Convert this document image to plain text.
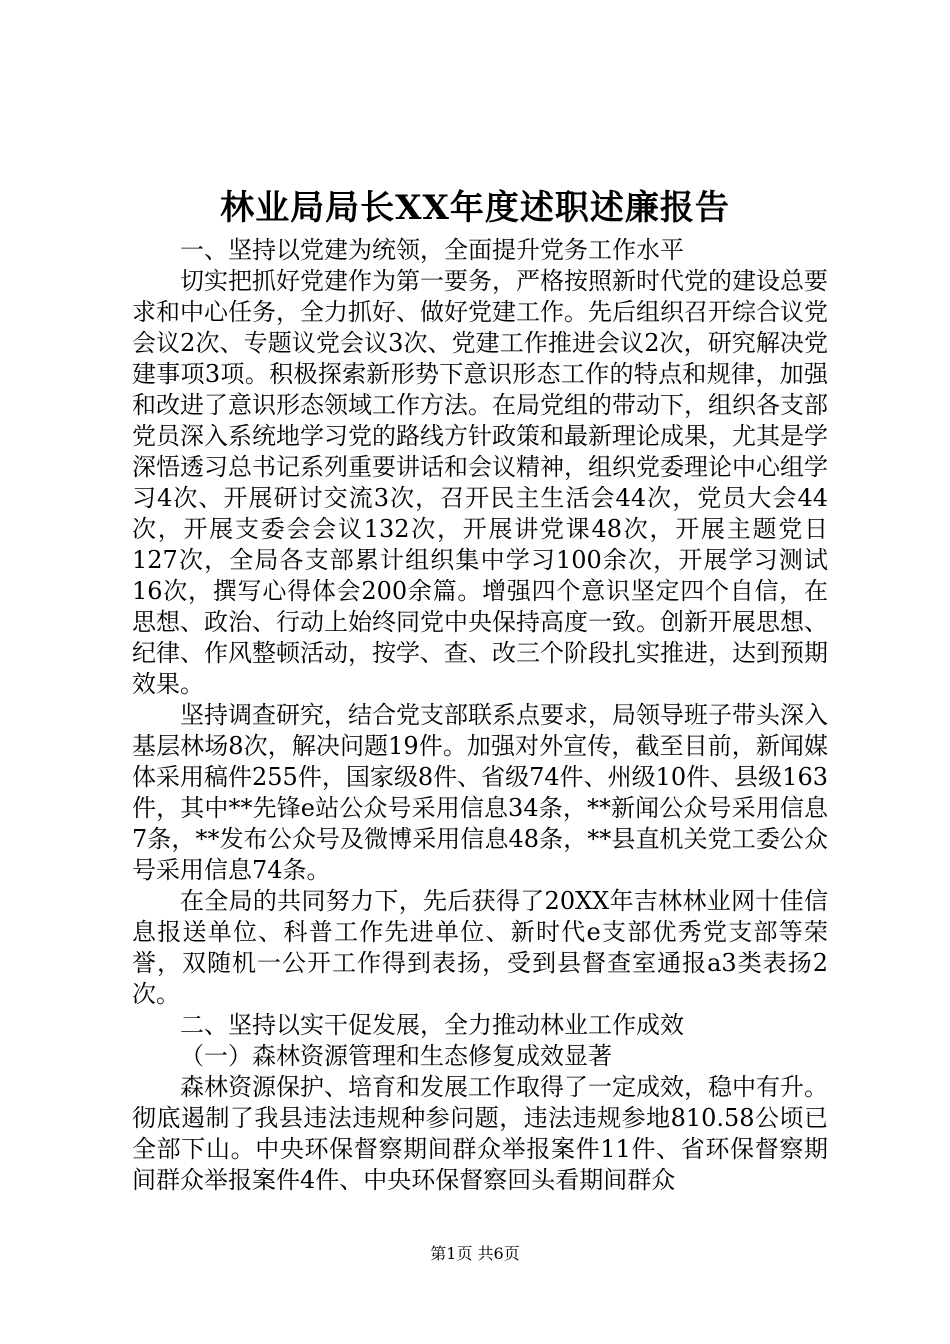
林业局局长XX年度述职述廉报告

一、坚持以党建为统领，全面提升党务工作水平

切实把抓好党建作为第一要务，严格按照新时代党的建设总要求和中心任务，全力抓好、做好党建工作。先后组织召开综合议党会议2次、专题议党会议3次、党建工作推进会议2次，研究解决党建事项3项。积极探索新形势下意识形态工作的特点和规律，加强和改进了意识形态领域工作方法。在局党组的带动下，组织各支部党员深入系统地学习党的路线方针政策和最新理论成果，尤其是学深悟透习总书记系列重要讲话和会议精神，组织党委理论中心组学习4次、开展研讨交流3次，召开民主生活会44次，党员大会44次，开展支委会会议132次，开展讲党课48次，开展主题党日127次，全局各支部累计组织集中学习100余次，开展学习测试16次，撰写心得体会200余篇。增强四个意识坚定四个自信，在思想、政治、行动上始终同党中央保持高度一致。创新开展思想、纪律、作风整顿活动，按学、查、改三个阶段扎实推进，达到预期效果。

坚持调查研究，结合党支部联系点要求，局领导班子带头深入基层林场8次，解决问题19件。加强对外宣传，截至目前，新闻媒体采用稿件255件，国家级8件、省级74件、州级10件、县级163件，其中**先锋e站公众号采用信息34条，**新闻公众号采用信息7条，**发布公众号及微博采用信息48条，**县直机关党工委公众号采用信息74条。

在全局的共同努力下，先后获得了20XX年吉林林业网十佳信息报送单位、科普工作先进单位、新时代e支部优秀党支部等荣誉，双随机一公开工作得到表扬，受到县督查室通报a3类表扬2次。

二、坚持以实干促发展，全力推动林业工作成效

（一）森林资源管理和生态修复成效显著

森林资源保护、培育和发展工作取得了一定成效，稳中有升。彻底遏制了我县违法违规种参问题，违法违规参地810.58公顷已全部下山。中央环保督察期间群众举报案件11件、省环保督察期间群众举报案件4件、中央环保督察回头看期间群众

第1页 共6页
